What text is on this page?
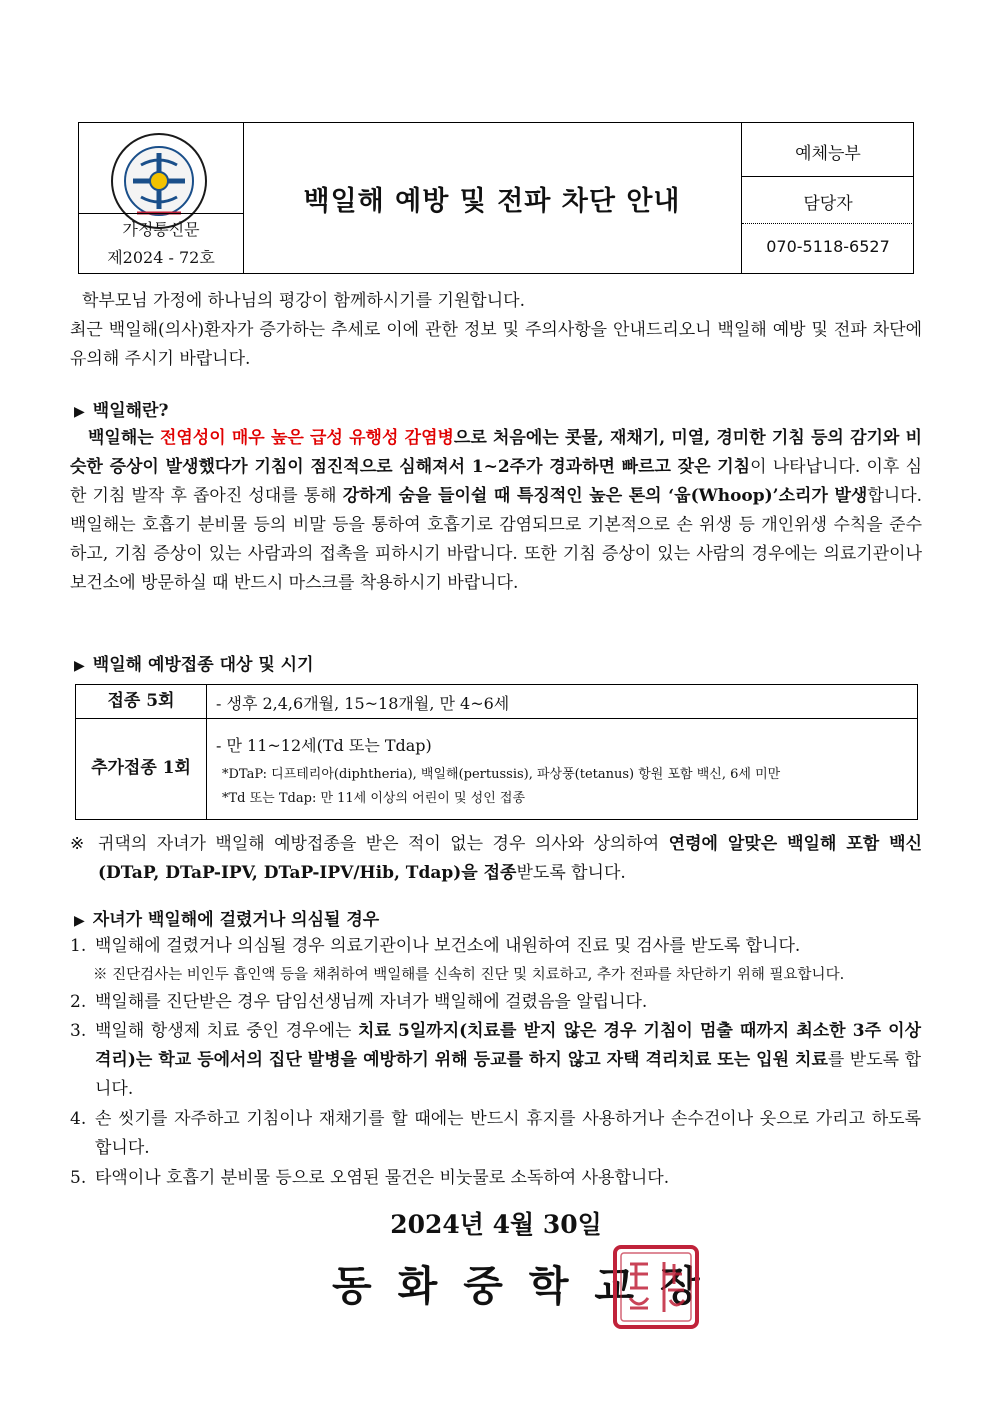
가정통신문
제2024 - 72호
백일해 예방 및 전파 차단 안내
예체능부
담당자
070-5118-6527
학부모님 가정에 하나님의 평강이 함께하시기를 기원합니다.
최근 백일해(의사)환자가 증가하는 추세로 이에 관한 정보 및 주의사항을 안내드리오니 백일해 예방 및 전파 차단에 유의해 주시기 바랍니다.
▶ 백일해란?
백일해는 전염성이 매우 높은 급성 유행성 감염병으로 처음에는 콧물, 재채기, 미열, 경미한 기침 등의 감기와 비슷한 증상이 발생했다가 기침이 점진적으로 심해져서 1~2주가 경과하면 빠르고 잦은 기침이 나타납니다. 이후 심한 기침 발작 후 좁아진 성대를 통해 강하게 숨을 들이쉴 때 특징적인 높은 톤의 ‘웁(Whoop)’소리가 발생합니다. 백일해는 호흡기 분비물 등의 비말 등을 통하여 호흡기로 감염되므로 기본적으로 손 위생 등 개인위생 수칙을 준수하고, 기침 증상이 있는 사람과의 접촉을 피하시기 바랍니다. 또한 기침 증상이 있는 사람의 경우에는 의료기관이나 보건소에 방문하실 때 반드시 마스크를 착용하시기 바랍니다.
▶ 백일해 예방접종 대상 및 시기
접종 5회	- 생후 2,4,6개월, 15~18개월, 만 4~6세
추가접종 1회
- 만 11~12세(Td 또는 Tdap)
*DTaP: 디프테리아(diphtheria), 백일해(pertussis), 파상풍(tetanus) 항원 포함 백신, 6세 미만
*Td 또는 Tdap: 만 11세 이상의 어린이 및 성인 접종
※ 귀댁의 자녀가 백일해 예방접종을 받은 적이 없는 경우 의사와 상의하여 연령에 알맞은 백일해 포함 백신(DTaP, DTaP-IPV, DTaP-IPV/Hib, Tdap)을 접종받도록 합니다.
▶ 자녀가 백일해에 걸렸거나 의심될 경우
1. 백일해에 걸렸거나 의심될 경우 의료기관이나 보건소에 내원하여 진료 및 검사를 받도록 합니다.
※ 진단검사는 비인두 흡인액 등을 채취하여 백일해를 신속히 진단 및 치료하고, 추가 전파를 차단하기 위해 필요합니다.
2. 백일해를 진단받은 경우 담임선생님께 자녀가 백일해에 걸렸음을 알립니다.
3. 백일해 항생제 치료 중인 경우에는 치료 5일까지(치료를 받지 않은 경우 기침이 멈출 때까지 최소한 3주 이상 격리)는 학교 등에서의 집단 발병을 예방하기 위해 등교를 하지 않고 자택 격리치료 또는 입원 치료를 받도록 합니다.
4. 손 씻기를 자주하고 기침이나 재채기를 할 때에는 반드시 휴지를 사용하거나 손수건이나 옷으로 가리고 하도록 합니다.
5. 타액이나 호흡기 분비물 등으로 오염된 물건은 비눗물로 소독하여 사용합니다.
2024년 4월 30일
동화중학교장
